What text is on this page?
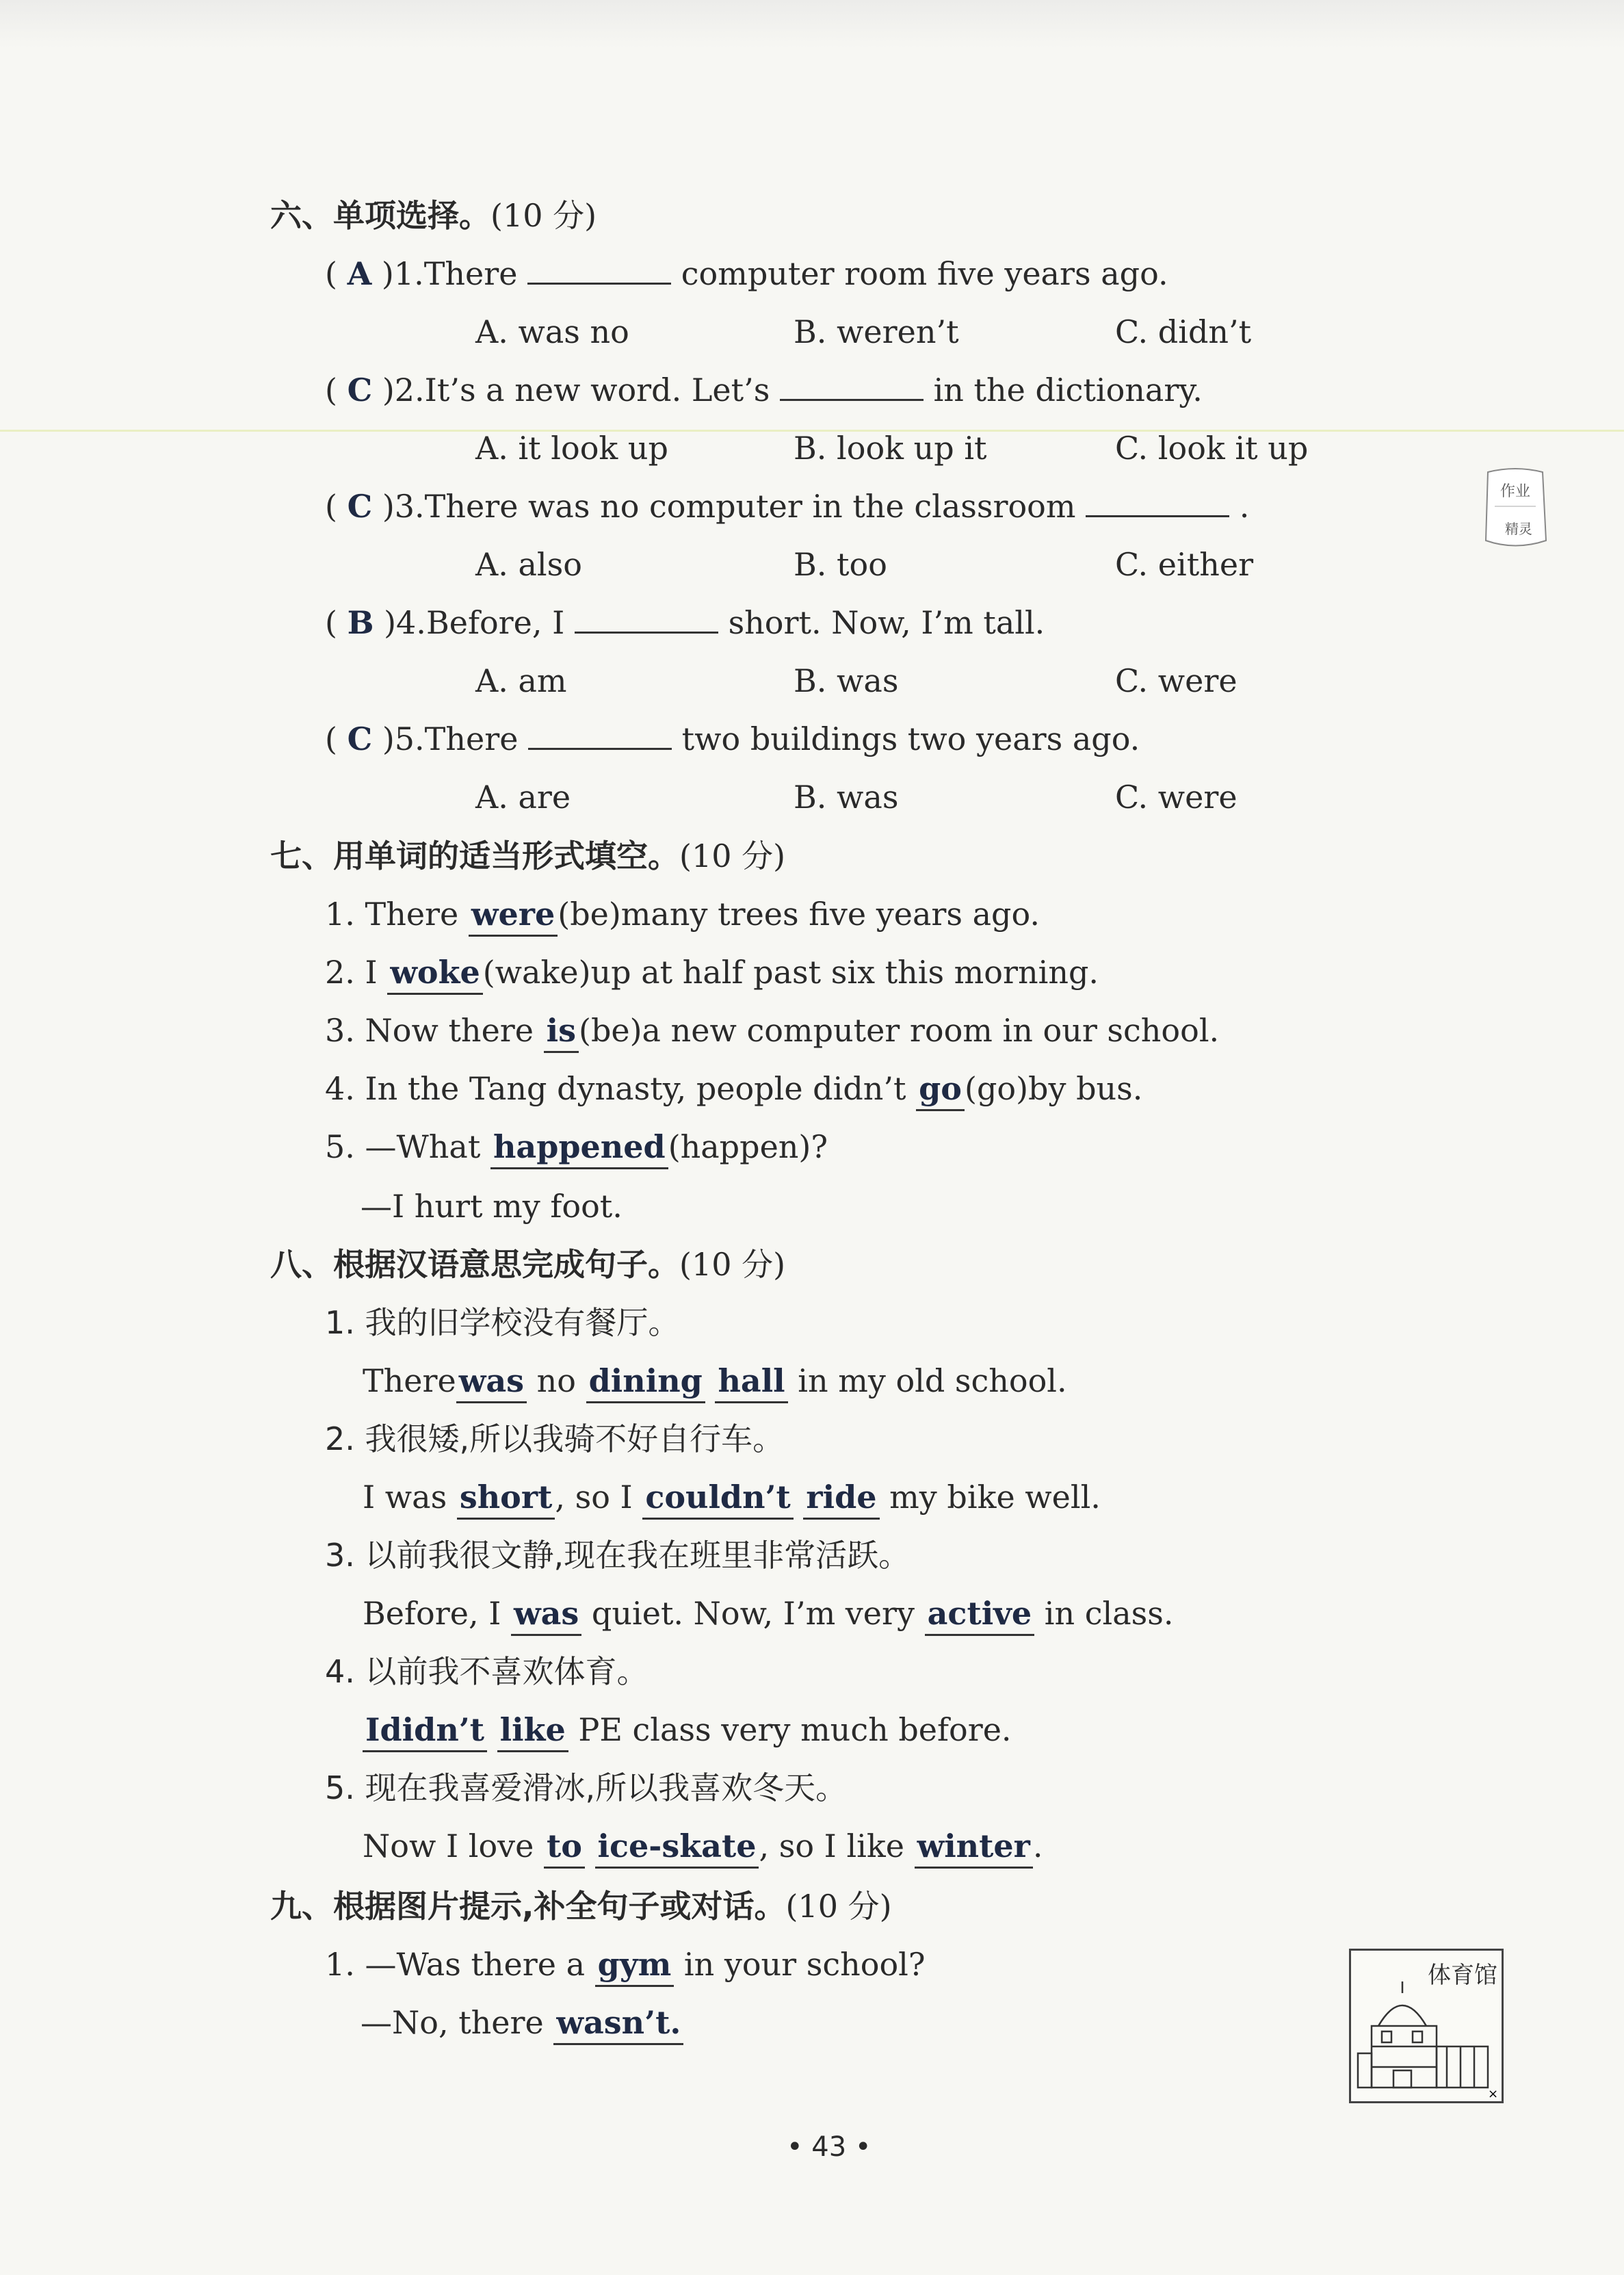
六、单项选择。(10 分)
( A )1.There	computer room five years ago.
A. was no	B. weren’t	C. didn’t
( C )2.It’s a new word. Let’s	in the dictionary.
A. it look up	B. look up it	C. look it up
( C )3.There was no computer in the classroom	.
A. also	B. too	C. either
( B )4.Before, I	short. Now, I’m tall.
A. am	B. was	C. were
( C )5.There	two buildings two years ago.
A. are	B. was	C. were
七、用单词的适当形式填空。(10 分)
1. There were(be)many trees five years ago.
2. I woke(wake)up at half past six this morning.
3. Now there is(be)a new computer room in our school.
4. In the Tang dynasty, people didn’t go(go)by bus.
5. —What happened(happen)?
—I hurt my foot.
八、根据汉语意思完成句子。(10 分)
1. 我的旧学校没有餐厅。
Therewas no dining hall in my old school.
2. 我很矮,所以我骑不好自行车。
I was short, so I couldn’t ride my bike well.
3. 以前我很文静,现在我在班里非常活跃。
Before, I was quiet. Now, I’m very active in class.
4. 以前我不喜欢体育。
Ididn’t like PE class very much before.
5. 现在我喜爱滑冰,所以我喜欢冬天。
Now I love to ice-skate, so I like winter.
九、根据图片提示,补全句子或对话。(10 分)
1. —Was there a gym in your school?
—No, there wasn’t.
体育馆
×
作业
精灵
• 43 •
